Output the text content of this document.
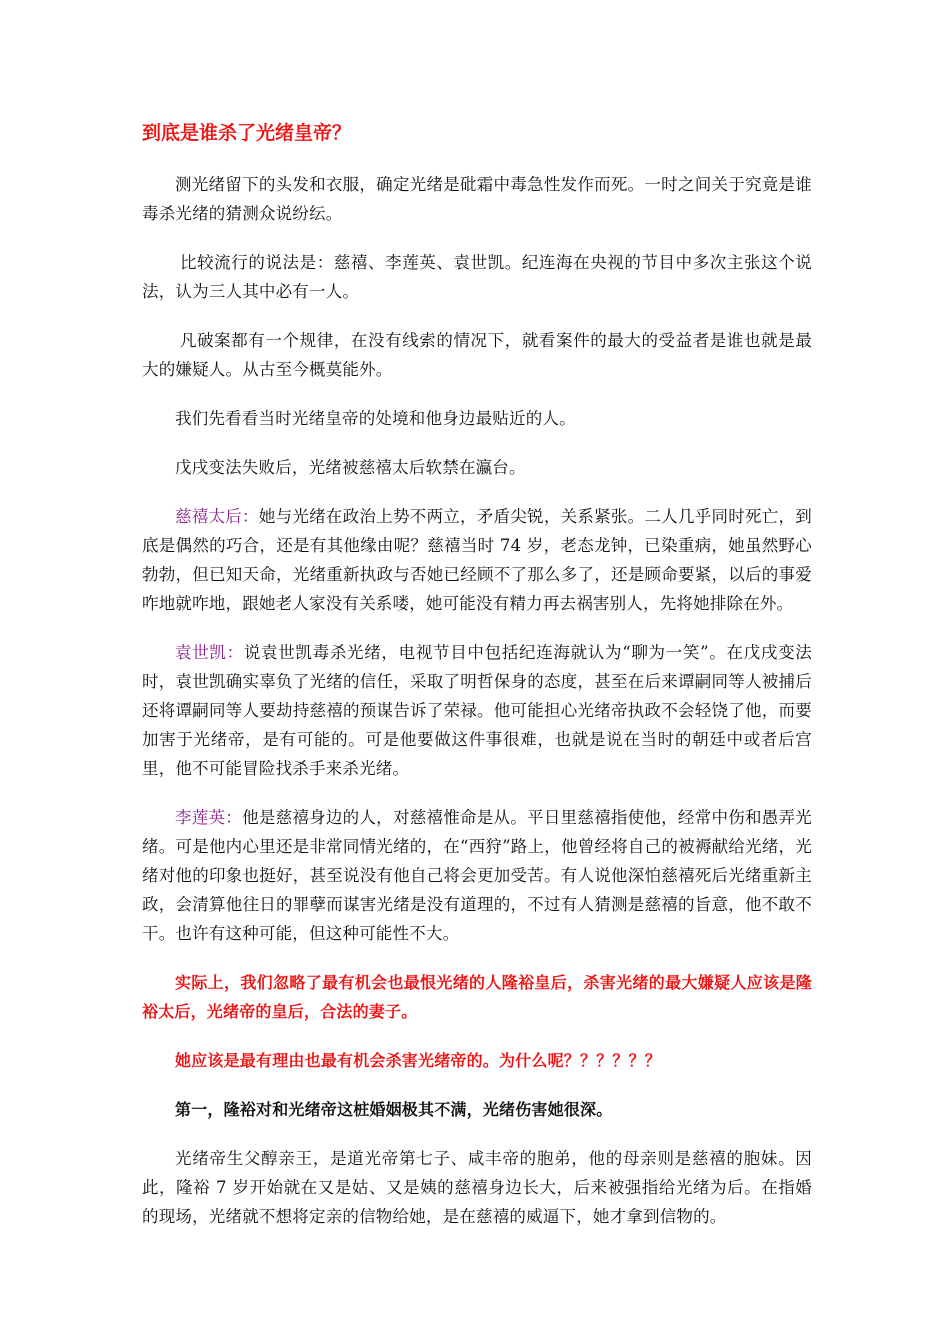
到底是谁杀了光绪皇帝？

测光绪留下的头发和衣服，确定光绪是砒霜中毒急性发作而死。一时之间关于究竟是谁毒杀光绪的猜测众说纷纭。

比较流行的说法是：慈禧、李莲英、袁世凯。纪连海在央视的节目中多次主张这个说法，认为三人其中必有一人。

凡破案都有一个规律，在没有线索的情况下，就看案件的最大的受益者是谁也就是最大的嫌疑人。从古至今概莫能外。

我们先看看当时光绪皇帝的处境和他身边最贴近的人。

戊戌变法失败后，光绪被慈禧太后软禁在瀛台。

慈禧太后：她与光绪在政治上势不两立，矛盾尖锐，关系紧张。二人几乎同时死亡，到底是偶然的巧合，还是有其他缘由呢？慈禧当时 74 岁，老态龙钟，已染重病，她虽然野心勃勃，但已知天命，光绪重新执政与否她已经顾不了那么多了，还是顾命要紧，以后的事爱咋地就咋地，跟她老人家没有关系喽，她可能没有精力再去祸害别人，先将她排除在外。

袁世凯：说袁世凯毒杀光绪，电视节目中包括纪连海就认为“聊为一笑”。在戊戌变法时，袁世凯确实辜负了光绪的信任，采取了明哲保身的态度，甚至在后来谭嗣同等人被捕后还将谭嗣同等人要劫持慈禧的预谋告诉了荣禄。他可能担心光绪帝执政不会轻饶了他，而要加害于光绪帝，是有可能的。可是他要做这件事很难，也就是说在当时的朝廷中或者后宫里，他不可能冒险找杀手来杀光绪。

李莲英：他是慈禧身边的人，对慈禧惟命是从。平日里慈禧指使他，经常中伤和愚弄光绪。可是他内心里还是非常同情光绪的，在“西狩”路上，他曾经将自己的被褥献给光绪，光绪对他的印象也挺好，甚至说没有他自己将会更加受苦。有人说他深怕慈禧死后光绪重新主政，会清算他往日的罪孽而谋害光绪是没有道理的，不过有人猜测是慈禧的旨意，他不敢不干。也许有这种可能，但这种可能性不大。

实际上，我们忽略了最有机会也最恨光绪的人隆裕皇后，杀害光绪的最大嫌疑人应该是隆裕太后，光绪帝的皇后，合法的妻子。

她应该是最有理由也最有机会杀害光绪帝的。为什么呢？？？？？？

第一，隆裕对和光绪帝这桩婚姻极其不满，光绪伤害她很深。

光绪帝生父醇亲王，是道光帝第七子、咸丰帝的胞弟，他的母亲则是慈禧的胞妹。因此，隆裕 7 岁开始就在又是姑、又是姨的慈禧身边长大，后来被强指给光绪为后。在指婚的现场，光绪就不想将定亲的信物给她，是在慈禧的威逼下，她才拿到信物的。
